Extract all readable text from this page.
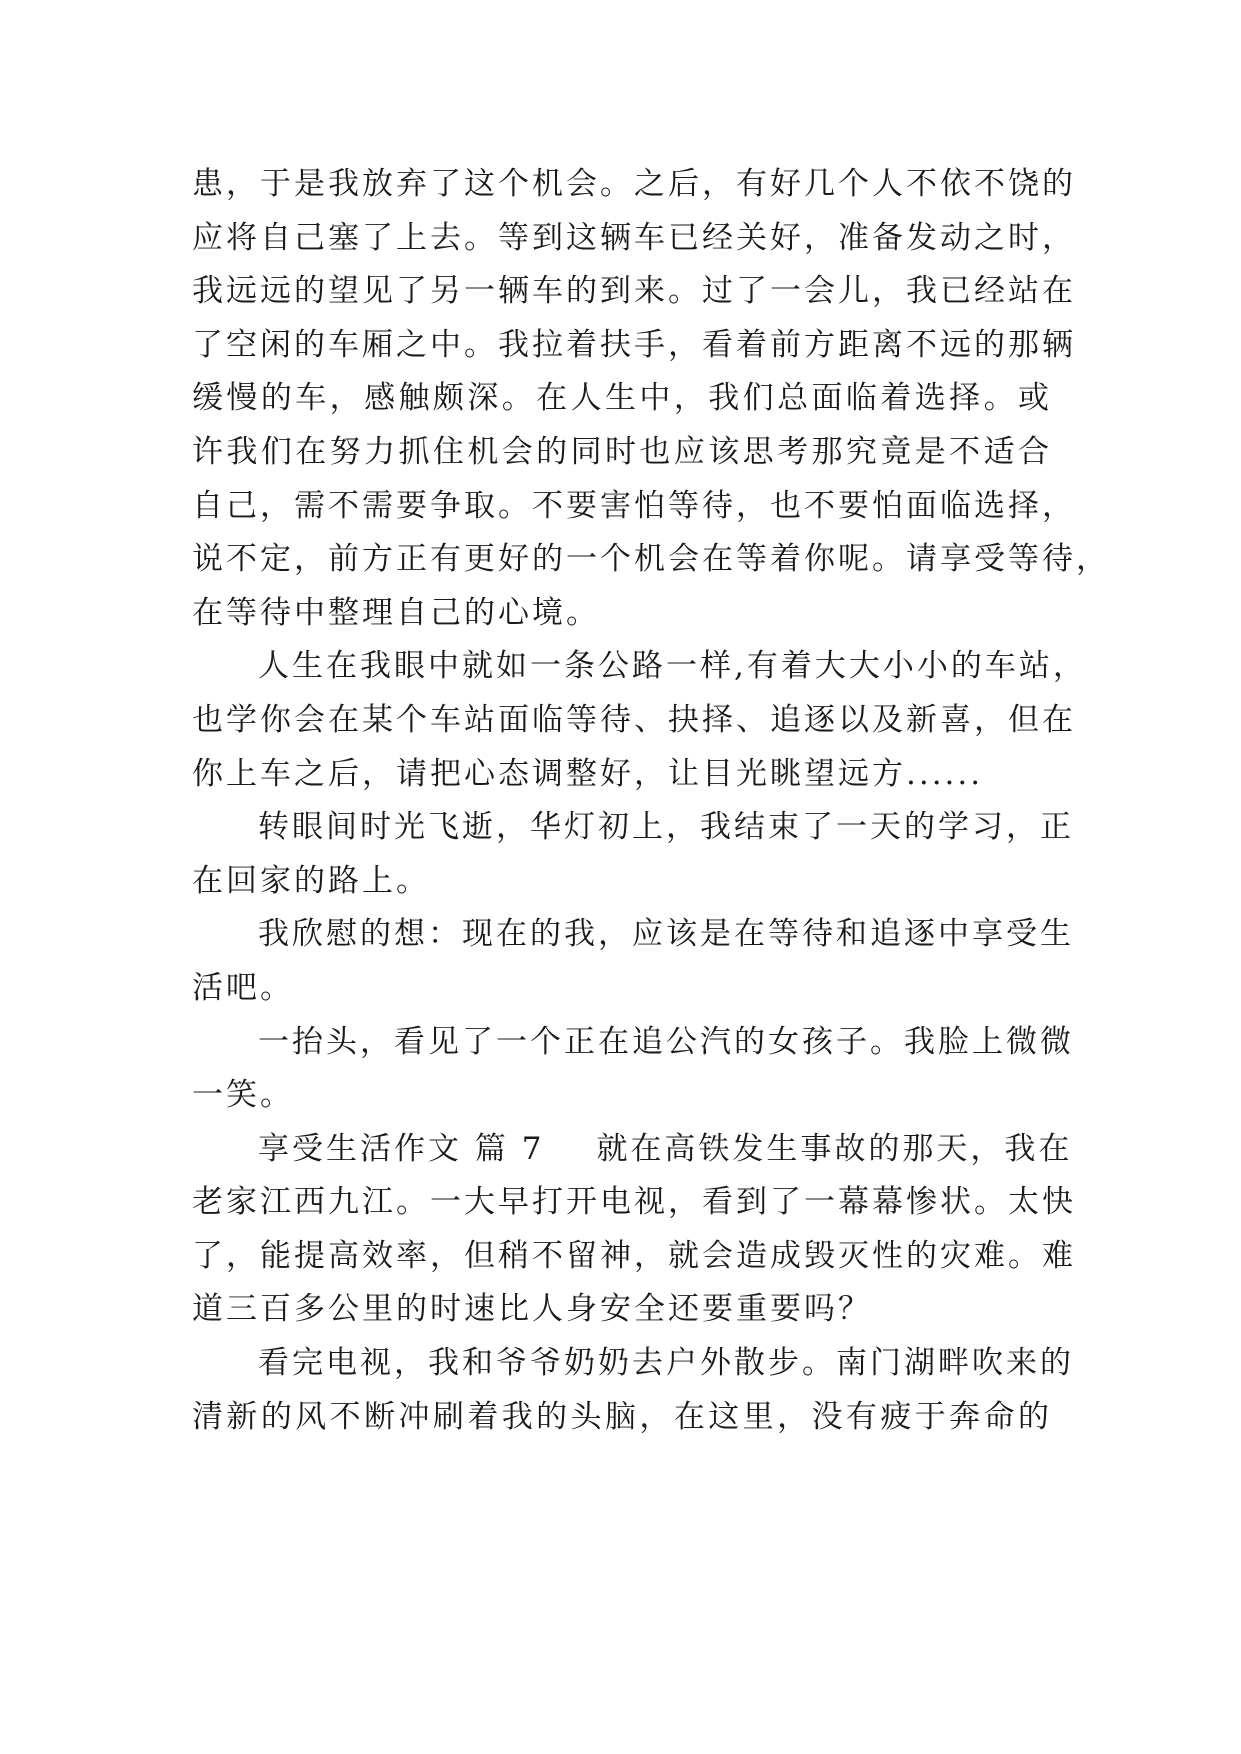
患，于是我放弃了这个机会。之后，有好几个人不依不饶的
应将自己塞了上去。等到这辆车已经关好，准备发动之时，
我远远的望见了另一辆车的到来。过了一会儿，我已经站在
了空闲的车厢之中。我拉着扶手，看着前方距离不远的那辆
缓慢的车，感触颇深。在人生中，我们总面临着选择。或
许我们在努力抓住机会的同时也应该思考那究竟是不适合
自己，需不需要争取。不要害怕等待，也不要怕面临选择，
说不定，前方正有更好的一个机会在等着你呢。请享受等待，
在等待中整理自己的心境。
人生在我眼中就如一条公路一样,有着大大小小的车站，
也学你会在某个车站面临等待、抉择、追逐以及新喜，但在
你上车之后，请把心态调整好，让目光眺望远方......
转眼间时光飞逝，华灯初上，我结束了一天的学习，正
在回家的路上。
我欣慰的想：现在的我，应该是在等待和追逐中享受生
活吧。
一抬头，看见了一个正在追公汽的女孩子。我脸上微微
一笑。
享受生活作文 篇 7 就在高铁发生事故的那天，我在
老家江西九江。一大早打开电视，看到了一幕幕惨状。太快
了，能提高效率，但稍不留神，就会造成毁灭性的灾难。难
道三百多公里的时速比人身安全还要重要吗？
看完电视，我和爷爷奶奶去户外散步。南门湖畔吹来的
清新的风不断冲刷着我的头脑，在这里，没有疲于奔命的
